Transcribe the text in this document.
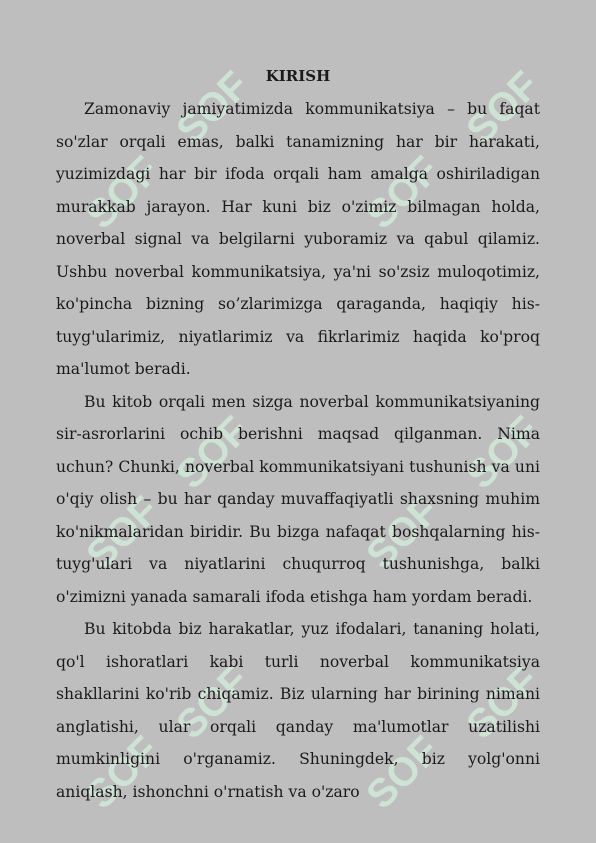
SOF	SOF
SOF	SOF
SOF	SOF
SOF	SOF
SOF	SOF
SOF	SOF
KIRISH

Zamonaviy jamiyatimizda kommunikatsiya – bu faqat so'zlar orqali emas, balki tanamizning har bir harakati, yuzimizdagi har bir ifoda orqali ham amalga oshiriladigan murakkab jarayon. Har kuni biz o'zimiz bilmagan holda, noverbal signal va belgilarni yuboramiz va qabul qilamiz. Ushbu noverbal kommunikatsiya, ya'ni so'zsiz muloqotimiz, ko'pincha bizning so’zlarimizga qaraganda, haqiqiy his-tuyg'ularimiz, niyatlarimiz va fikrlarimiz haqida ko'proq ma'lumot beradi.

Bu kitob orqali men sizga noverbal kommunikatsiyaning sir-asrorlarini ochib berishni maqsad qilganman. Nima uchun? Chunki, noverbal kommunikatsiyani tushunish va uni o'qiy olish – bu har qanday muvaffaqiyatli shaxsning muhim ko'nikmalaridan biridir. Bu bizga nafaqat boshqalarning his-tuyg'ulari va niyatlarini chuqurroq tushunishga, balki o'zimizni yanada samarali ifoda etishga ham yordam beradi.

Bu kitobda biz harakatlar, yuz ifodalari, tananing holati, qo'l ishoratlari kabi turli noverbal kommunikatsiya shakllarini ko'rib chiqamiz. Biz ularning har birining nimani anglatishi, ular orqali qanday ma'lumotlar uzatilishi mumkinligini o'rganamiz. Shuningdek, biz yolg'onni aniqlash, ishonchni o'rnatish va o'zaro
